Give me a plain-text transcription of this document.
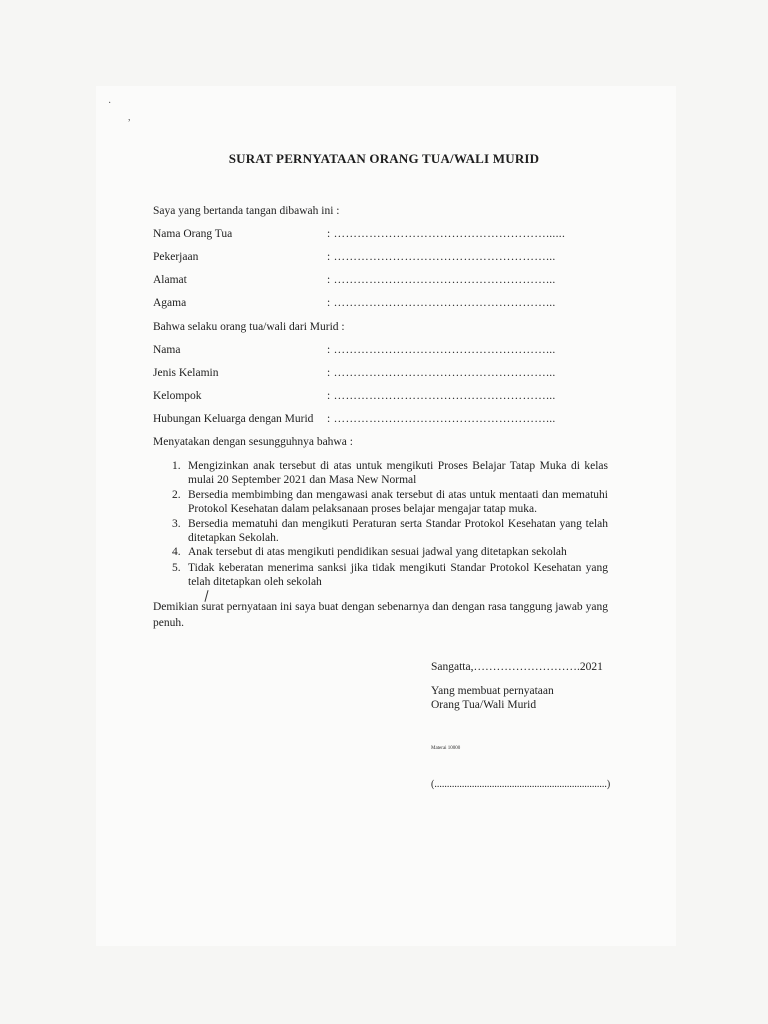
·
,
SURAT PERNYATAAN ORANG TUA/WALI MURID
Saya yang bertanda tangan dibawah ini :
Nama Orang Tua	: ………………………………………………......
Pekerjaan	: ………………………………………………...
Alamat	: ………………………………………………...
Agama	: ………………………………………………...
Bahwa selaku orang tua/wali dari Murid :
Nama	: ………………………………………………...
Jenis Kelamin	: ………………………………………………...
Kelompok	: ………………………………………………...
Hubungan Keluarga dengan Murid : ………………………………………………...
Menyatakan dengan sesungguhnya bahwa :
1. Mengizinkan anak tersebut di atas untuk mengikuti Proses Belajar Tatap Muka di kelas mulai 20 September 2021 dan Masa New Normal
2. Bersedia membimbing dan mengawasi anak tersebut di atas untuk mentaati dan mematuhi Protokol Kesehatan dalam pelaksanaan proses belajar mengajar tatap muka.
3. Bersedia mematuhi dan mengikuti Peraturan serta Standar Protokol Kesehatan yang telah ditetapkan Sekolah.
4. Anak tersebut di atas mengikuti pendidikan sesuai jadwal yang ditetapkan sekolah
5. Tidak keberatan menerima sanksi jika tidak mengikuti Standar Protokol Kesehatan yang telah ditetapkan oleh sekolah
Demikian surat pernyataan ini saya buat dengan sebenarnya dan dengan rasa tanggung jawab yang penuh.
Sangatta,……………………….2021
Yang membuat pernyataan
Orang Tua/Wali Murid
Materai 10000
(.....................................................................)
